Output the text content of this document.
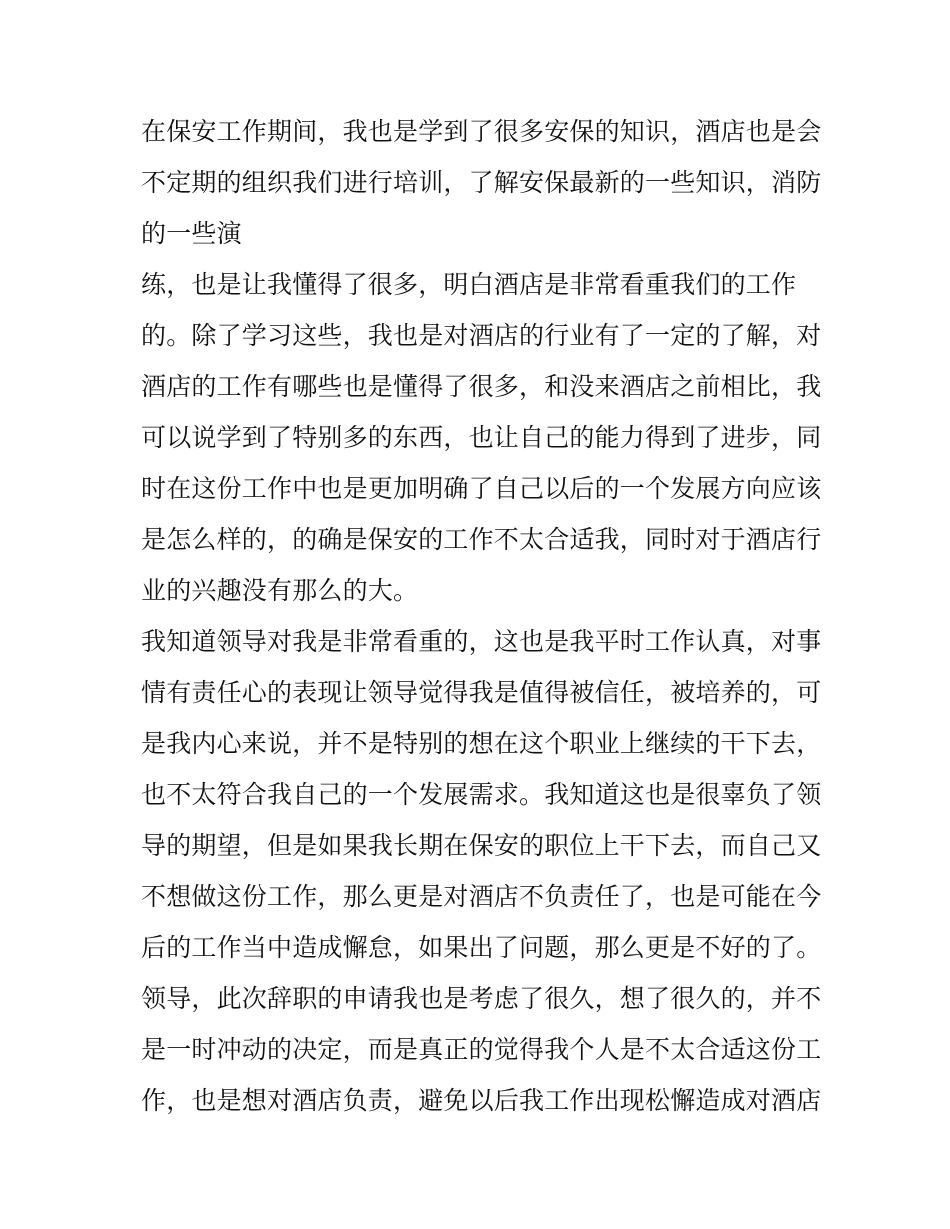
在保安工作期间，我也是学到了很多安保的知识，酒店也是会
不定期的组织我们进行培训，了解安保最新的一些知识，消防
的一些演
练，也是让我懂得了很多，明白酒店是非常看重我们的工作
的。除了学习这些，我也是对酒店的行业有了一定的了解，对
酒店的工作有哪些也是懂得了很多，和没来酒店之前相比，我
可以说学到了特别多的东西，也让自己的能力得到了进步，同
时在这份工作中也是更加明确了自己以后的一个发展方向应该
是怎么样的，的确是保安的工作不太合适我，同时对于酒店行
业的兴趣没有那么的大。
我知道领导对我是非常看重的，这也是我平时工作认真，对事
情有责任心的表现让领导觉得我是值得被信任，被培养的，可
是我内心来说，并不是特别的想在这个职业上继续的干下去，
也不太符合我自己的一个发展需求。我知道这也是很辜负了领
导的期望，但是如果我长期在保安的职位上干下去，而自己又
不想做这份工作，那么更是对酒店不负责任了，也是可能在今
后的工作当中造成懈怠，如果出了问题，那么更是不好的了。
领导，此次辞职的申请我也是考虑了很久，想了很久的，并不
是一时冲动的决定，而是真正的觉得我个人是不太合适这份工
作，也是想对酒店负责，避免以后我工作出现松懈造成对酒店
